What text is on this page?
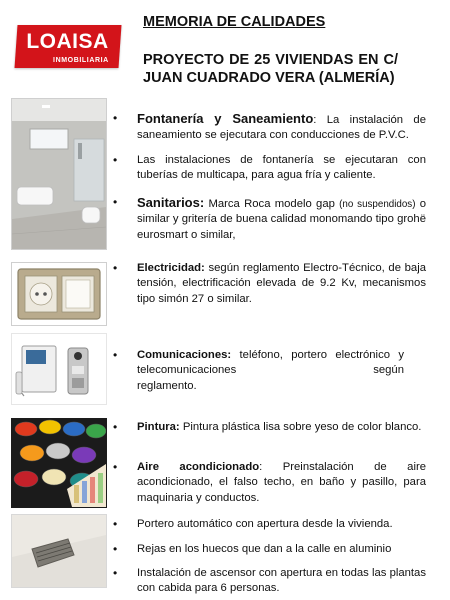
LOAISA
INMOBILIARIA
MEMORIA DE CALIDADES
PROYECTO DE 25 VIVIENDAS EN C/ JUAN CUADRADO VERA (ALMERÍA)
•	Fontanería y Saneamiento: La instalación de saneamiento se ejecutara con conducciones de P.V.C.
•	Las instalaciones de fontanería se ejecutaran con tuberías de multicapa, para agua fría y caliente.
•	Sanitarios: Marca Roca modelo gap (no suspendidos) o similar y gritería de buena calidad monomando tipo grohë eurosmart o similar,
•	Electricidad: según reglamento Electro-Técnico, de baja tensión, electrificación elevada de 9.2 Kv, mecanismos tipo simón 27 o similar.
•	Comunicaciones: teléfono, portero electrónico y telecomunicaciones según
reglamento.
•	Pintura: Pintura plástica lisa sobre yeso de color blanco.
•	Aire acondicionado: Preinstalación de aire acondicionado, el falso techo, en baño y pasillo, para maquinaria y conductos.
•	Portero automático con apertura desde la vivienda.
•	Rejas en los huecos que dan a la calle en aluminio
•	Instalación de ascensor con apertura en todas las plantas con cabida para 6 personas.
